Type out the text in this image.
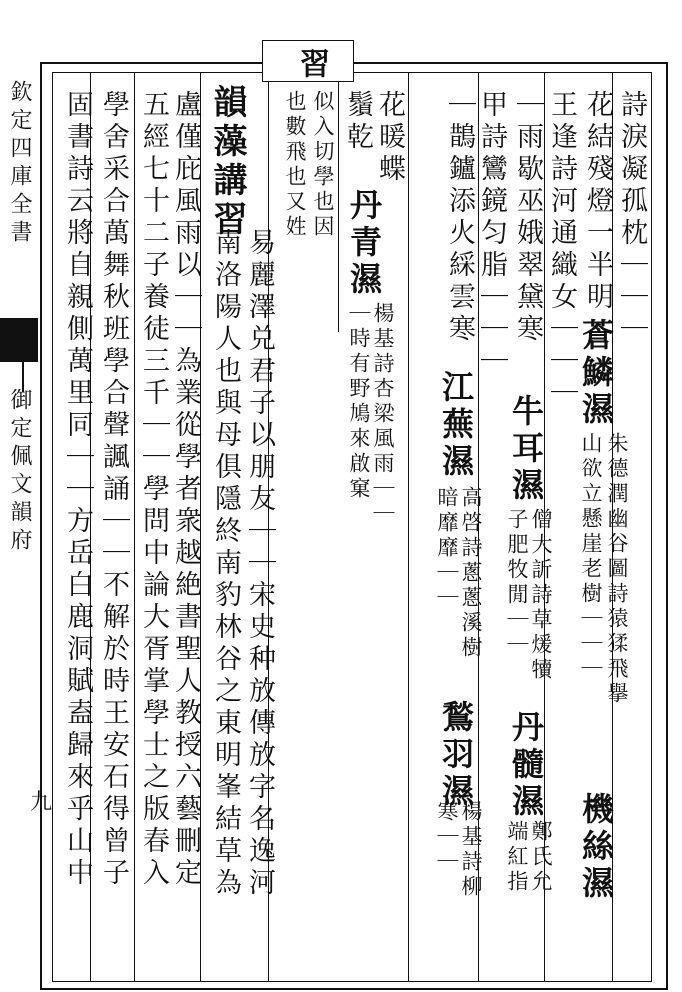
習
欽定四庫全書
御定佩文韻府
九
詩淚凝孤枕｜｜｜
花結殘燈一半明
蒼鱗濕
朱德潤幽谷圖詩猿猱飛擧
山欲立懸崖老樹｜｜｜
機絲濕
王逢詩河通織女｜｜｜
｜雨歇巫娥翠黛寒
牛耳濕
僧大訢詩草煖犢
子肥牧閒｜｜
丹髓濕
鄭氏允
端紅指
甲詩鸞鏡匀脂｜｜｜
｜鵲鑪添火綵雲寒
江蕪濕
高啓詩蔥蔥溪樹
暗靡靡｜｜
鶖羽濕
楊基詩柳
寒｜｜
花暖蝶
鬚乾
丹青濕
楊基詩杏梁風雨｜｜
｜時有野鳩來啟窠
似入切學也因
也數飛也又姓
韻藻講習
易麗澤兑君子以朋友｜｜宋史种放傳放字名逸河
南洛陽人也與母俱隱終南豹林谷之東明峯結草為
盧僅庇風雨以｜｜為業從學者衆越絶書聖人教授六藝刪定
五經七十二子養徒三千｜｜學問中論大胥掌學士之版春入
學舍采合萬舞秋班學合聲諷誦｜｜不解於時王安石得曾子
固書詩云將自親側萬里同｜｜方岳白鹿洞賦盍歸來乎山中
